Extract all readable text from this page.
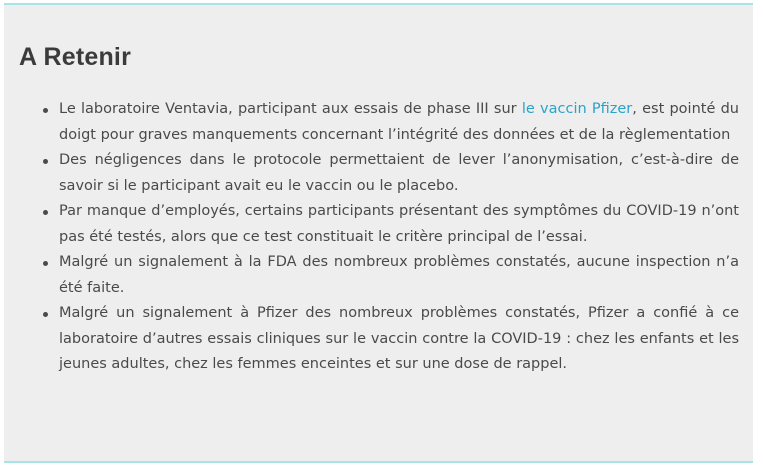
A Retenir
Le laboratoire Ventavia, participant aux essais de phase III sur le vaccin Pfizer, est pointé du doigt pour graves manquements concernant l’intégrité des données et de la règlementation
Des négligences dans le protocole permettaient de lever l’anonymisation, c’est-à-dire de savoir si le participant avait eu le vaccin ou le placebo.
Par manque d’employés, certains participants présentant des symptômes du COVID-19 n’ont pas été testés, alors que ce test constituait le critère principal de l’essai.
Malgré un signalement à la FDA des nombreux problèmes constatés, aucune inspection n’a été faite.
Malgré un signalement à Pfizer des nombreux problèmes constatés, Pfizer a confié à ce laboratoire d’autres essais cliniques sur le vaccin contre la COVID-19 : chez les enfants et les jeunes adultes, chez les femmes enceintes et sur une dose de rappel.
